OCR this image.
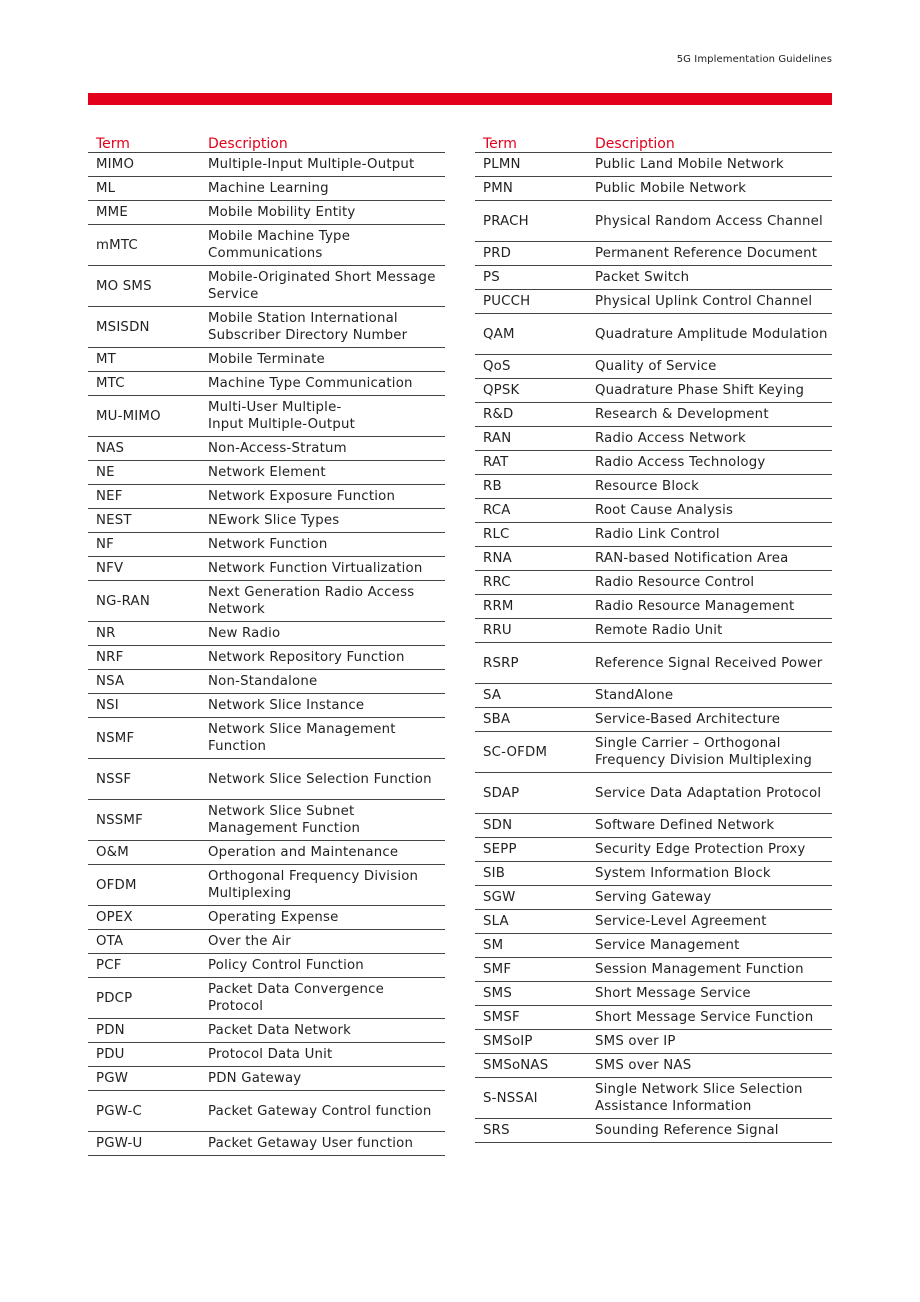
5G Implementation Guidelines
Term	Description
MIMO	Multiple-Input Multiple-Output
ML	Machine Learning
MME	Mobile Mobility Entity
mMTC	Mobile Machine Type Communications
MO SMS	Mobile-Originated Short Message Service
MSISDN	Mobile Station International Subscriber Directory Number
MT	Mobile Terminate
MTC	Machine Type Communication
MU-MIMO	Multi-User Multiple-
Input Multiple-Output
NAS	Non-Access-Stratum
NE	Network Element
NEF	Network Exposure Function
NEST	NEwork Slice Types
NF	Network Function
NFV	Network Function Virtualization
NG-RAN	Next Generation Radio Access Network
NR	New Radio
NRF	Network Repository Function
NSA	Non-Standalone
NSI	Network Slice Instance
NSMF	Network Slice Management Function
NSSF	Network Slice Selection Function
NSSMF	Network Slice Subnet Management Function
O&M	Operation and Maintenance
OFDM	Orthogonal Frequency Division Multiplexing
OPEX	Operating Expense
OTA	Over the Air
PCF	Policy Control Function
PDCP	Packet Data Convergence Protocol
PDN	Packet Data Network
PDU	Protocol Data Unit
PGW	PDN Gateway
PGW-C	Packet Gateway Control function
PGW-U	Packet Getaway User function
Term	Description
PLMN	Public Land Mobile Network
PMN	Public Mobile Network
PRACH	Physical Random Access Channel
PRD	Permanent Reference Document
PS	Packet Switch
PUCCH	Physical Uplink Control Channel
QAM	Quadrature Amplitude Modulation
QoS	Quality of Service
QPSK	Quadrature Phase Shift Keying
R&D	Research & Development
RAN	Radio Access Network
RAT	Radio Access Technology
RB	Resource Block
RCA	Root Cause Analysis
RLC	Radio Link Control
RNA	RAN-based Notification Area
RRC	Radio Resource Control
RRM	Radio Resource Management
RRU	Remote Radio Unit
RSRP	Reference Signal Received Power
SA	StandAlone
SBA	Service-Based Architecture
SC-OFDM	Single Carrier – Orthogonal Frequency Division Multiplexing
SDAP	Service Data Adaptation Protocol
SDN	Software Defined Network
SEPP	Security Edge Protection Proxy
SIB	System Information Block
SGW	Serving Gateway
SLA	Service-Level Agreement
SM	Service Management
SMF	Session Management Function
SMS	Short Message Service
SMSF	Short Message Service Function
SMSoIP	SMS over IP
SMSoNAS	SMS over NAS
S-NSSAI	Single Network Slice Selection Assistance Information
SRS	Sounding Reference Signal
